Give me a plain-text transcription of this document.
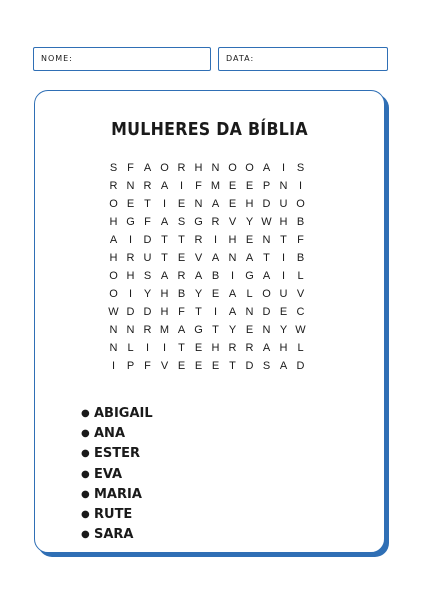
NOME:	DATA:
MULHERES DA BÍBLIA
S F A O R H N O O A	I	S
R N R A	I	F M E E P N	I
O E T	I	E N A E H D U O
H G F A S G R V Y W H B
A	I	D T T R	I	H E N T F
H R U T E V A N A T	I	B
O H S A R A B	I	G A	I	L
O	I	Y H B Y E A L O U V
W D D H F T	I	A N D E C
N N R M A G T Y E N Y W
N L	I	I	T E H R R A H L
I	P F V E E E T D S A D
● ABIGAIL
● ANA
● ESTER
● EVA
● MARIA
● RUTE
● SARA
